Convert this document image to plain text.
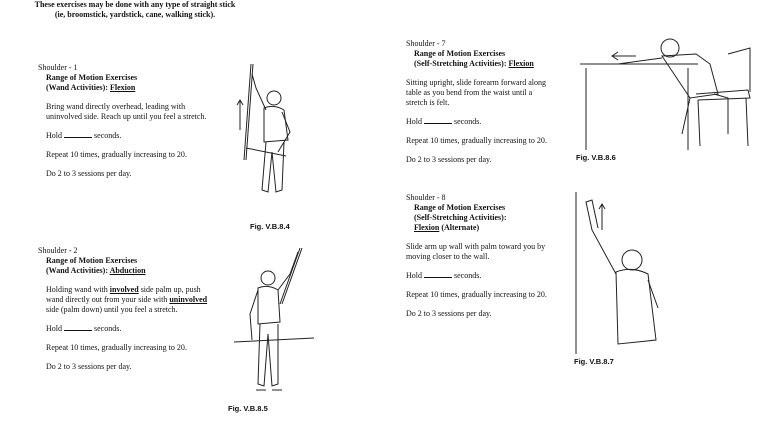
These exercises may be done with any type of straight stick
(ie, broomstick, yardstick, cane, walking stick).
Shoulder - 1
Range of Motion Exercises
(Wand Activities): Flexion
Bring wand directly overhead, leading with
uninvolved side. Reach up until you feel a stretch.
Hold	seconds.
Repeat 10 times, gradually increasing to 20.
Do 2 to 3 sessions per day.
Fig. V.B.8.4
Shoulder - 2
Range of Motion Exercises
(Wand Activities): Abduction
Holding wand with involved side palm up, push
wand directly out from your side with uninvolved
side (palm down) until you feel a stretch.
Hold	seconds.
Repeat 10 times, gradually increasing to 20.
Do 2 to 3 sessions per day.
Fig. V.B.8.5
Shoulder - 7
Range of Motion Exercises
(Self-Stretching Activities): Flexion
Sitting upright, slide forearm forward along
table as you bend from the waist until a
stretch is felt.
Hold	seconds.
Repeat 10 times, gradually increasing to 20.
Do 2 to 3 sessions per day.	Fig. V.B.8.6
Shoulder - 8
Range of Motion Exercises
(Self-Stretching Activities):
Flexion (Alternate)
Slide arm up wall with palm toward you by
moving closer to the wall.
Hold	seconds.
Repeat 10 times, gradually increasing to 20.
Do 2 to 3 sessions per day.
Fig. V.B.8.7
